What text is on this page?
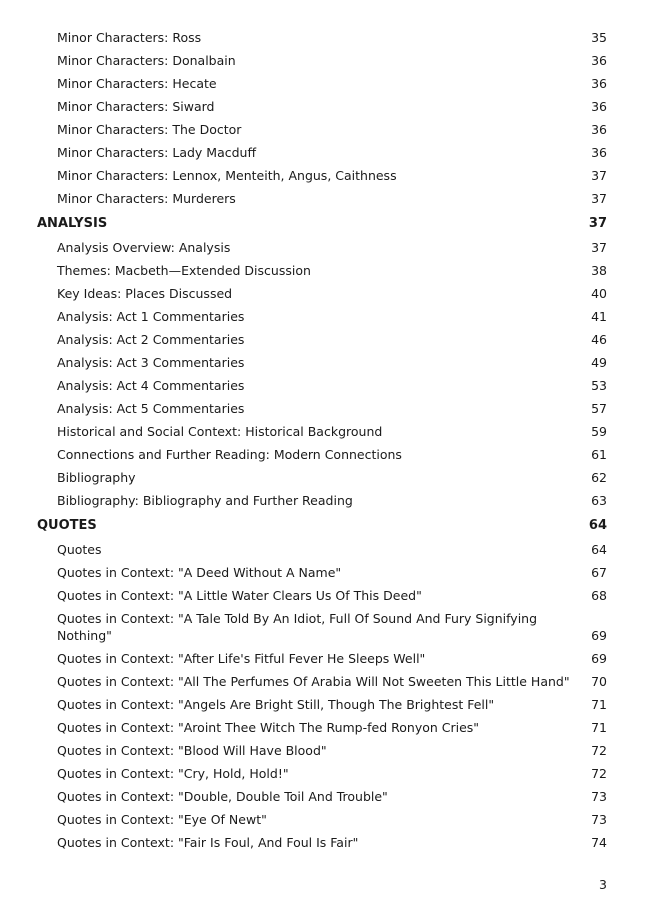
Minor Characters: Ross	35
Minor Characters: Donalbain	36
Minor Characters: Hecate	36
Minor Characters: Siward	36
Minor Characters: The Doctor	36
Minor Characters: Lady Macduff	36
Minor Characters: Lennox, Menteith, Angus, Caithness	37
Minor Characters: Murderers	37
ANALYSIS	37
Analysis Overview: Analysis	37
Themes: Macbeth—Extended Discussion	38
Key Ideas: Places Discussed	40
Analysis: Act 1 Commentaries	41
Analysis: Act 2 Commentaries	46
Analysis: Act 3 Commentaries	49
Analysis: Act 4 Commentaries	53
Analysis: Act 5 Commentaries	57
Historical and Social Context: Historical Background	59
Connections and Further Reading: Modern Connections	61
Bibliography	62
Bibliography: Bibliography and Further Reading	63
QUOTES	64
Quotes	64
Quotes in Context: "A Deed Without A Name"	67
Quotes in Context: "A Little Water Clears Us Of This Deed"	68
Quotes in Context: "A Tale Told By An Idiot, Full Of Sound And Fury Signifying Nothing"	69
Quotes in Context: "After Life's Fitful Fever He Sleeps Well"	69
Quotes in Context: "All The Perfumes Of Arabia Will Not Sweeten This Little Hand"	70
Quotes in Context: "Angels Are Bright Still, Though The Brightest Fell"	71
Quotes in Context: "Aroint Thee Witch The Rump-fed Ronyon Cries"	71
Quotes in Context: "Blood Will Have Blood"	72
Quotes in Context: "Cry, Hold, Hold!"	72
Quotes in Context: "Double, Double Toil And Trouble"	73
Quotes in Context: "Eye Of Newt"	73
Quotes in Context: "Fair Is Foul, And Foul Is Fair"	74
3
